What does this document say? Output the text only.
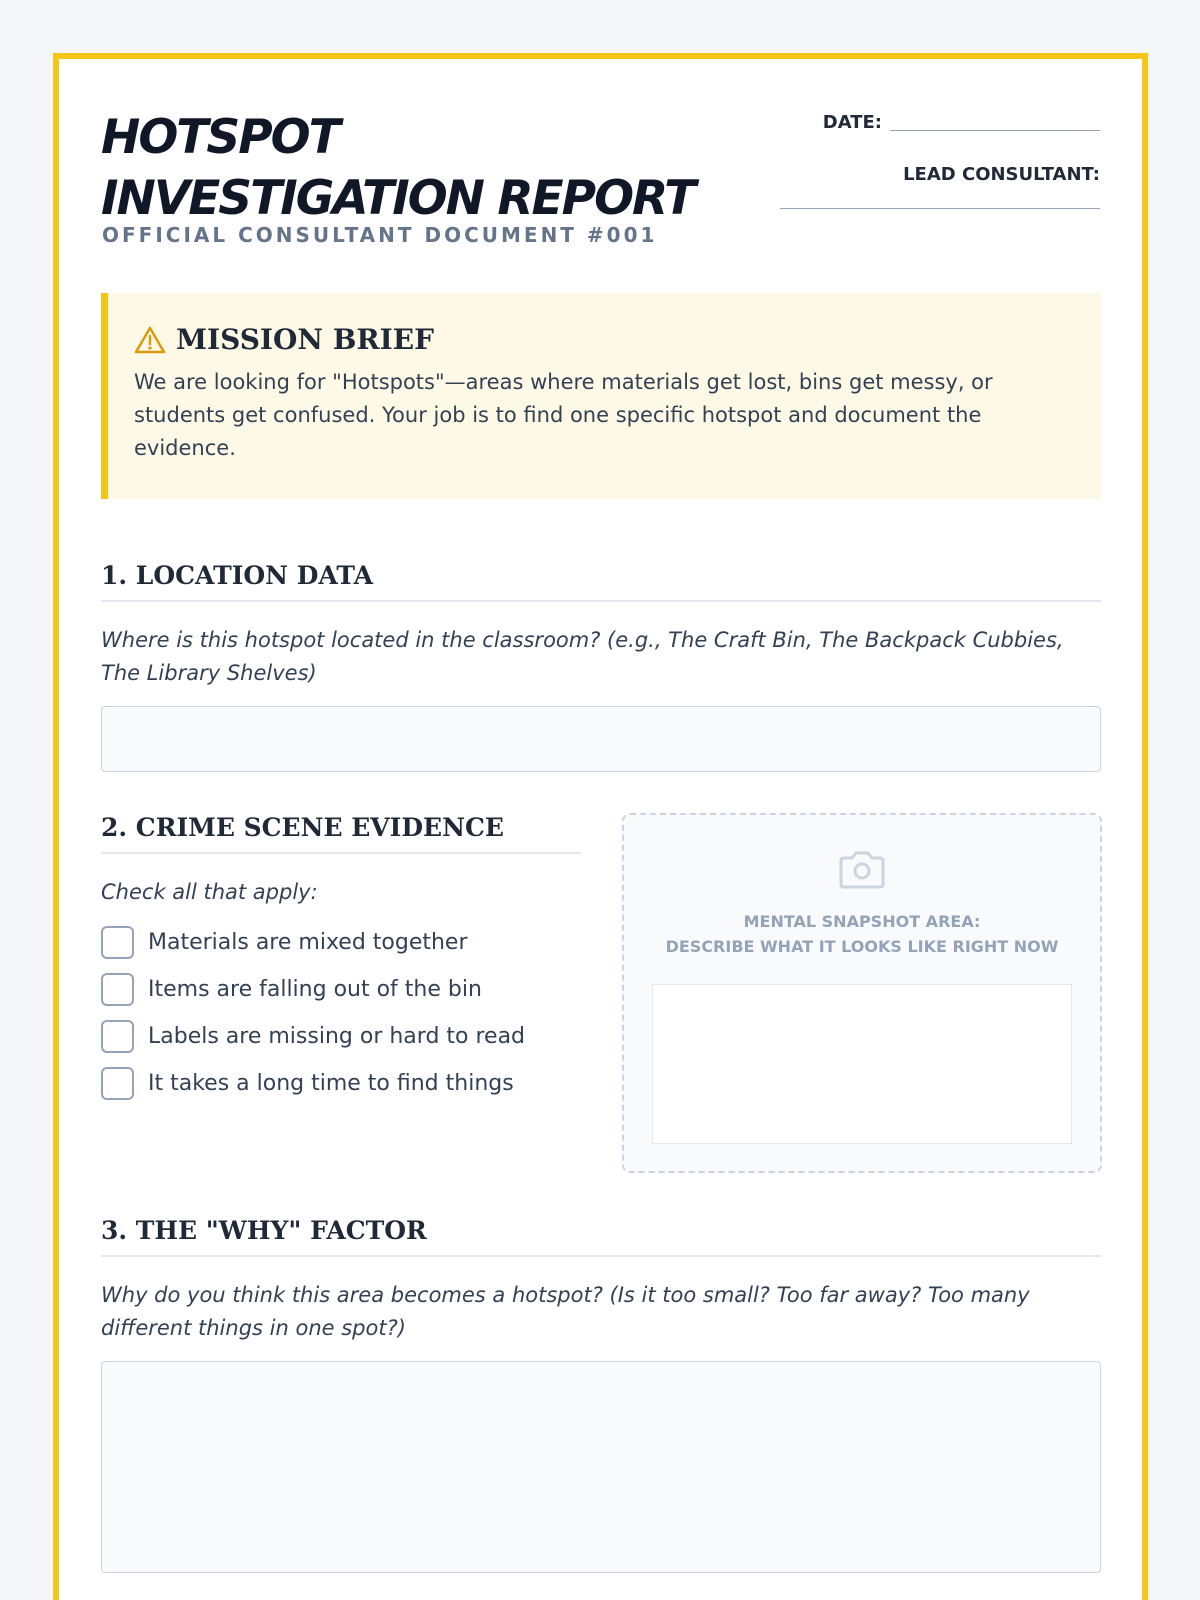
HOTSPOT
INVESTIGATION REPORT
OFFICIAL CONSULTANT DOCUMENT #001
DATE:
LEAD CONSULTANT:
MISSION BRIEF

We are looking for "Hotspots"—areas where materials get lost, bins get messy, or students get confused. Your job is to find one specific hotspot and document the evidence.

1. LOCATION DATA

Where is this hotspot located in the classroom? (e.g., The Craft Bin, The Backpack Cubbies, The Library Shelves)

2. CRIME SCENE EVIDENCE

Check all that apply:

Materials are mixed together
Items are falling out of the bin
Labels are missing or hard to read
It takes a long time to find things
MENTAL SNAPSHOT AREA:
DESCRIBE WHAT IT LOOKS LIKE RIGHT NOW
3. THE "WHY" FACTOR

Why do you think this area becomes a hotspot? (Is it too small? Too far away? Too many different things in one spot?)
